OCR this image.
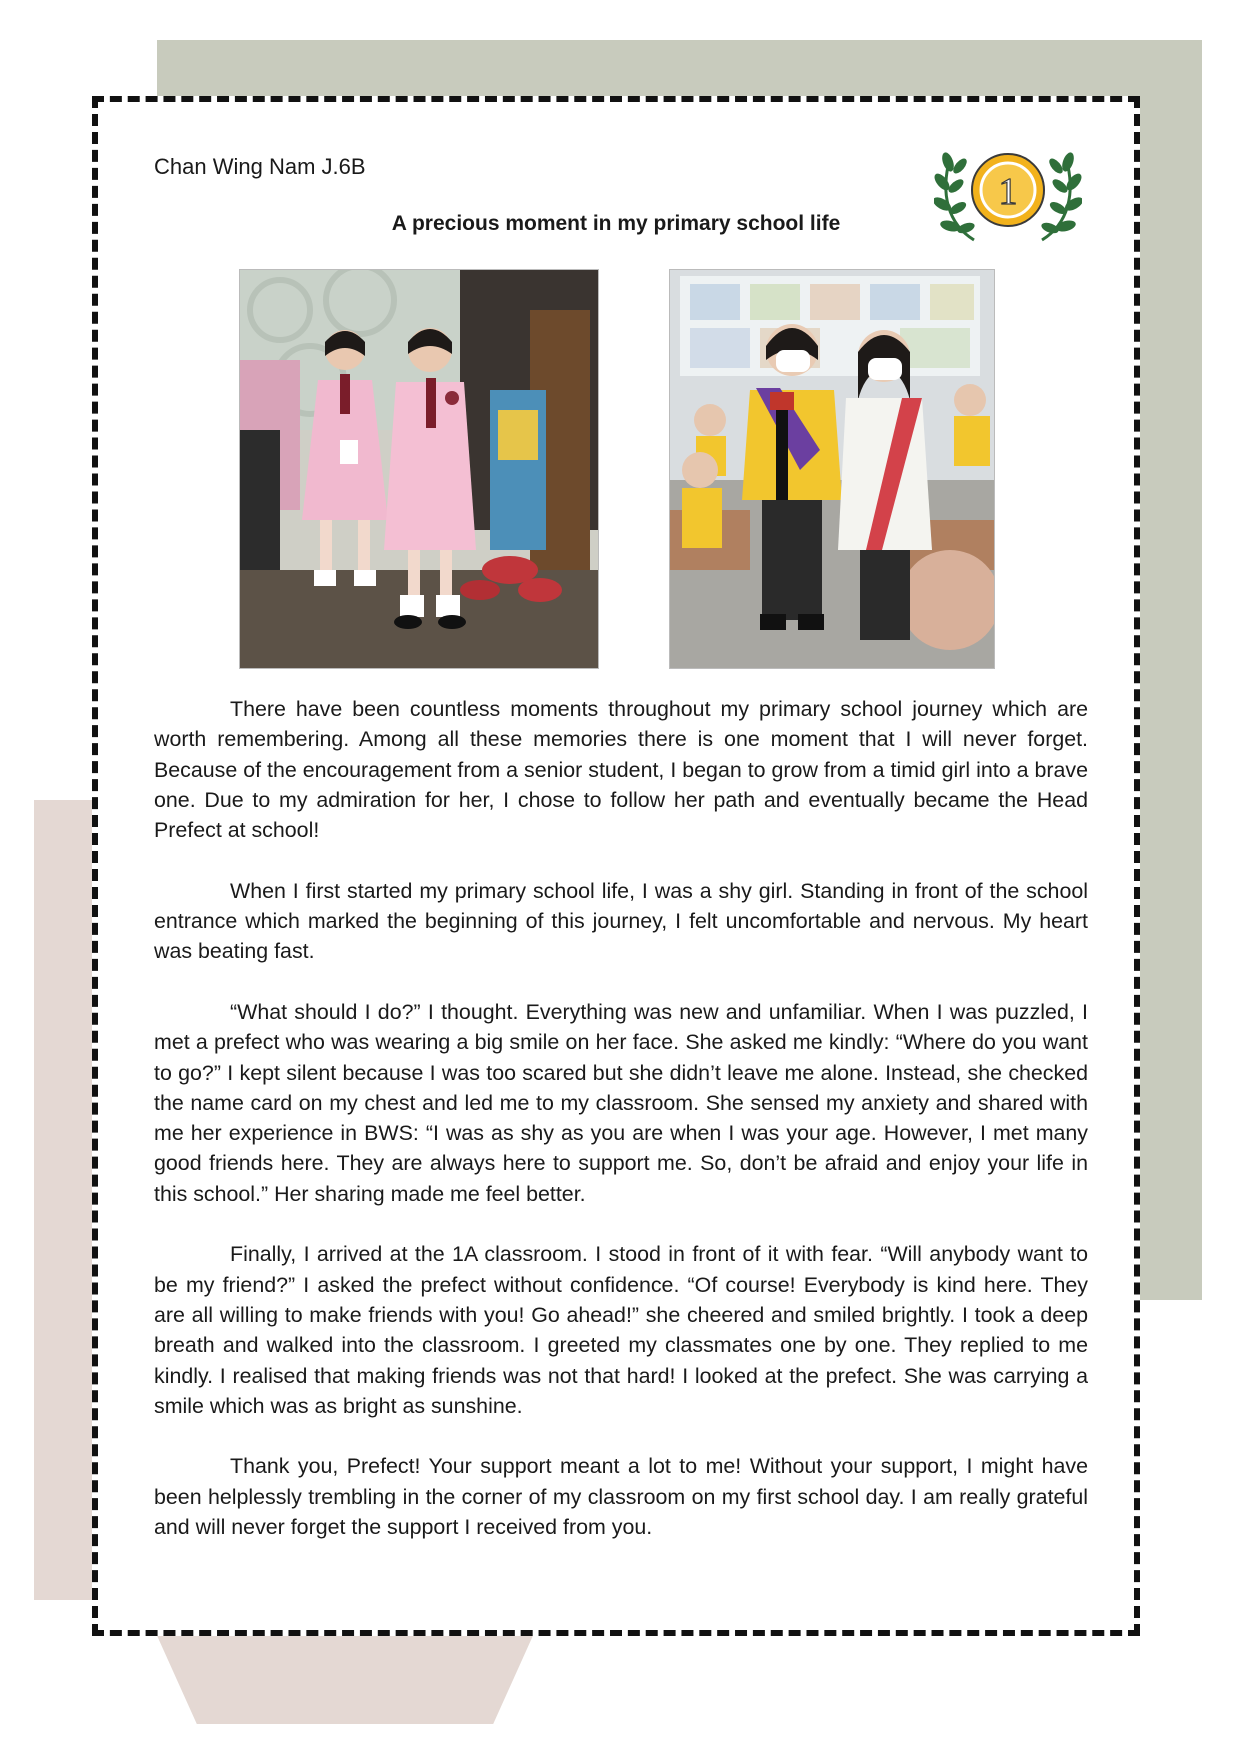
Chan Wing Nam J.6B

1
A precious moment in my primary school life

There have been countless moments throughout my primary school journey which are worth remembering. Among all these memories there is one moment that I will never forget. Because of the encouragement from a senior student, I began to grow from a timid girl into a brave one. Due to my admiration for her, I chose to follow her path and eventually became the Head Prefect at school!

When I first started my primary school life, I was a shy girl. Standing in front of the school entrance which marked the beginning of this journey, I felt uncomfortable and nervous. My heart was beating fast.

“What should I do?” I thought. Everything was new and unfamiliar. When I was puzzled, I met a prefect who was wearing a big smile on her face. She asked me kindly: “Where do you want to go?” I kept silent because I was too scared but she didn’t leave me alone. Instead, she checked the name card on my chest and led me to my classroom. She sensed my anxiety and shared with me her experience in BWS: “I was as shy as you are when I was your age. However, I met many good friends here. They are always here to support me. So, don’t be afraid and enjoy your life in this school.” Her sharing made me feel better.

Finally, I arrived at the 1A classroom. I stood in front of it with fear. “Will anybody want to be my friend?” I asked the prefect without confidence. “Of course! Everybody is kind here. They are all willing to make friends with you! Go ahead!” she cheered and smiled brightly. I took a deep breath and walked into the classroom. I greeted my classmates one by one. They replied to me kindly. I realised that making friends was not that hard! I looked at the prefect. She was carrying a smile which was as bright as sunshine.

Thank you, Prefect! Your support meant a lot to me! Without your support, I might have been helplessly trembling in the corner of my classroom on my first school day. I am really grateful and will never forget the support I received from you.
